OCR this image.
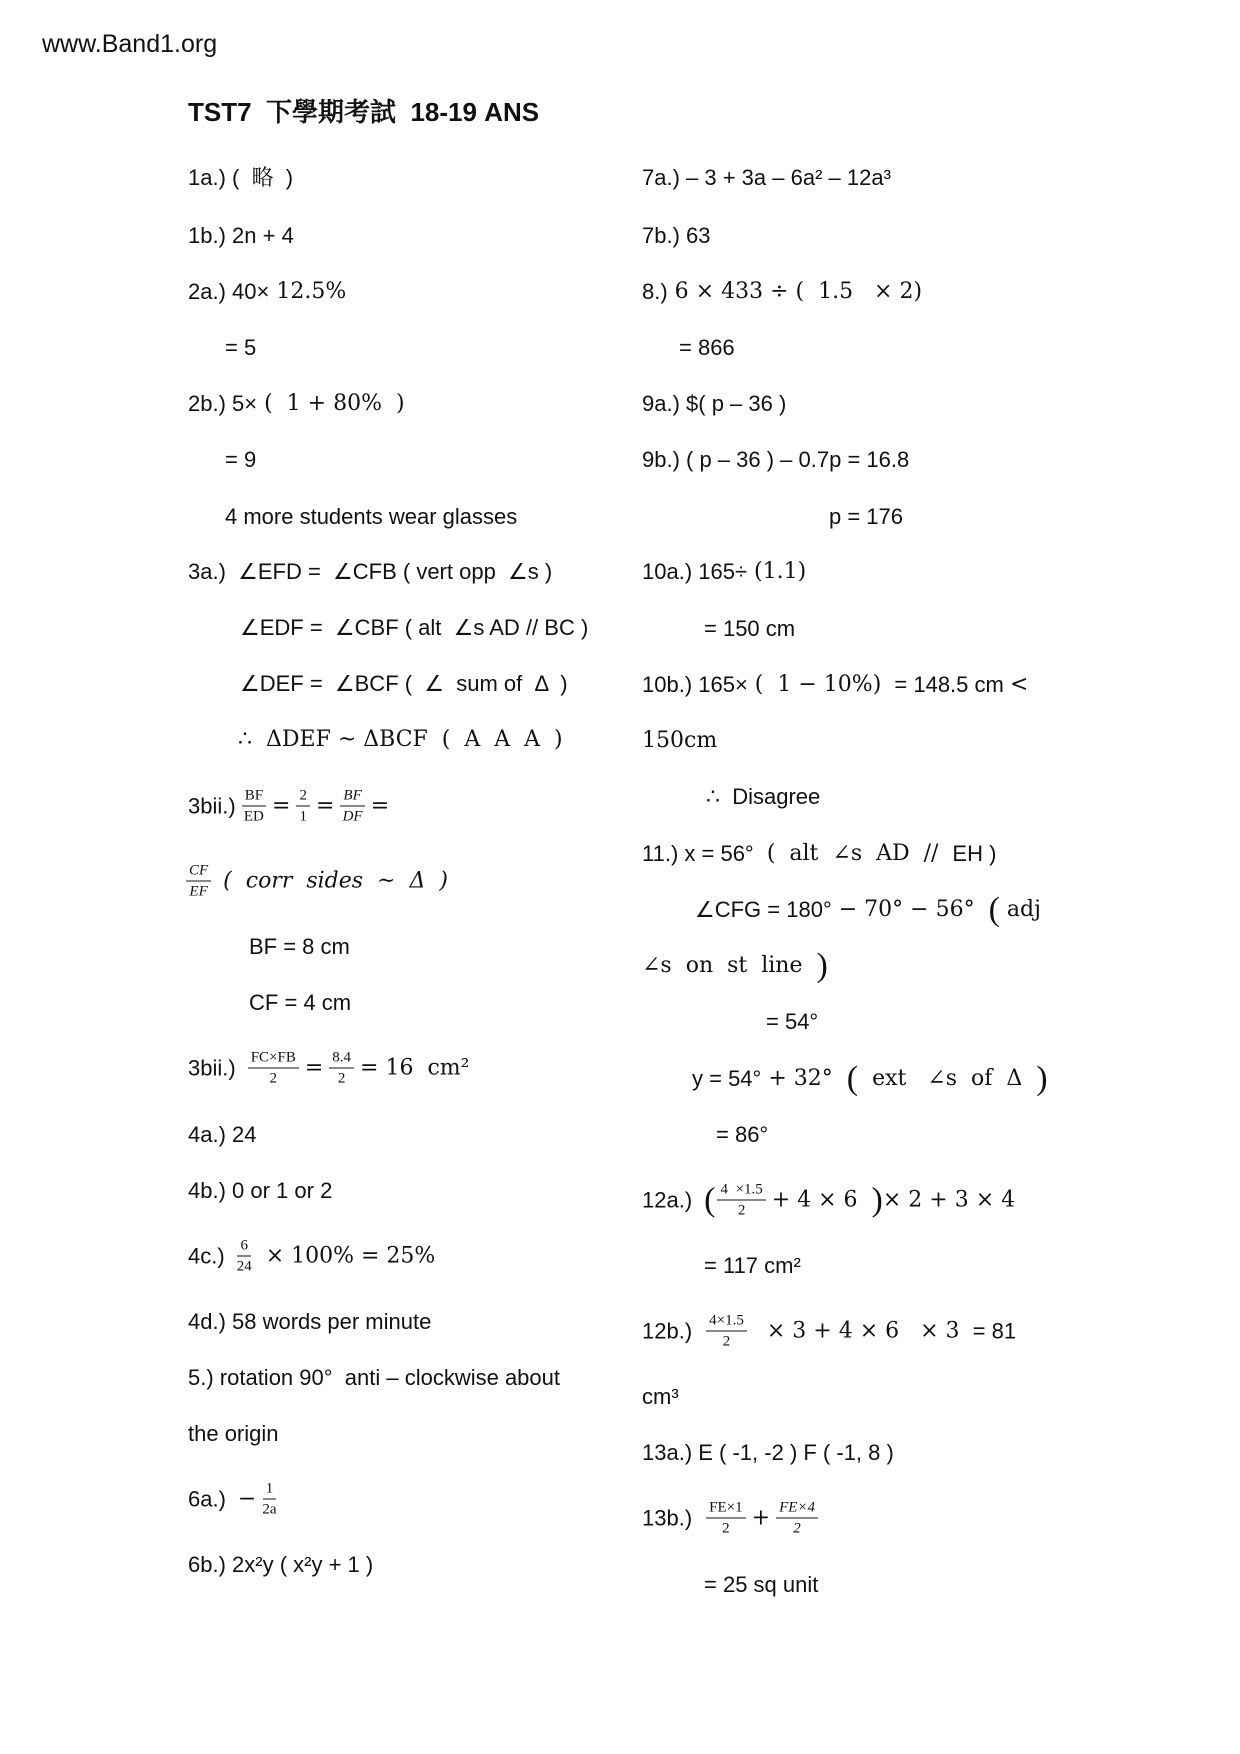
www.Band1.org
TST7  下學期考試  18-19 ANS
1a.) (  略  )
1b.) 2n + 4
2a.) 40× 12.5%
= 5
2b.) 5× (  1 + 80%  )
= 9
4 more students wear glasses
3a.)  ∠EFD =  ∠CFB ( vert opp  ∠s )
∠EDF =  ∠CBF ( alt  ∠s AD // BC )
∠DEF =  ∠BCF (  ∠  sum of  Δ  )
∴  ΔDEF ~ ΔBCF  (  A  A  A  )
$3bii.) \frac{BF}{ED} = \frac{2}{1} = \frac{BF}{DF}$ =
$\frac{CF}{EF}$ (  corr  sides  ~  Δ  )
BF = 8 cm
CF = 4 cm
$3bii.) \frac{FC\times FB}{2} = \frac{8.4}{2} = 16$  cm²
4a.) 24
4b.) 0 or 1 or 2
$4c.) \frac{6}{24} \times 100\% = 25\%$
4d.) 58 words per minute
5.) rotation 90°  anti – clockwise about
the origin
$6a.) - \frac{1}{2a}$
6b.) 2x²y ( x²y + 1 )
7a.) – 3 + 3a – 6a² – 12a³
7b.) 63
8.) 6 × 433 ÷ (  1.5   × 2)
= 866
9a.) $( p – 36 )
9b.) ( p – 36 ) – 0.7p = 16.8
p = 176
10a.) 165÷ (1.1)
= 150 cm
10b.) 165× (  1 − 10%) = 148.5 cm <
150cm
∴  Disagree
11.) x = 56° (  alt  ∠s  AD  // EH )
∠CFG = 180° − 70° − 56° ( adj
∠s  on  st  line )
= 54°
y = 54° + 32° ( ext   ∠s  of  Δ )
= 86°
12a.) ( $\frac{4 \times 1.5}{2} + 4 \times 6$ ) × 2 + 3 × 4
= 117 cm²
$12b.) \frac{4\times 1.5}{2} \times 3 + 4 \times 6 \times 3 = 81$
cm³
13a.) E ( -1, -2 ) F ( -1, 8 )
$13b.) \frac{FE\times 1}{2} + \frac{FE\times 4}{2}$
= 25 sq unit
